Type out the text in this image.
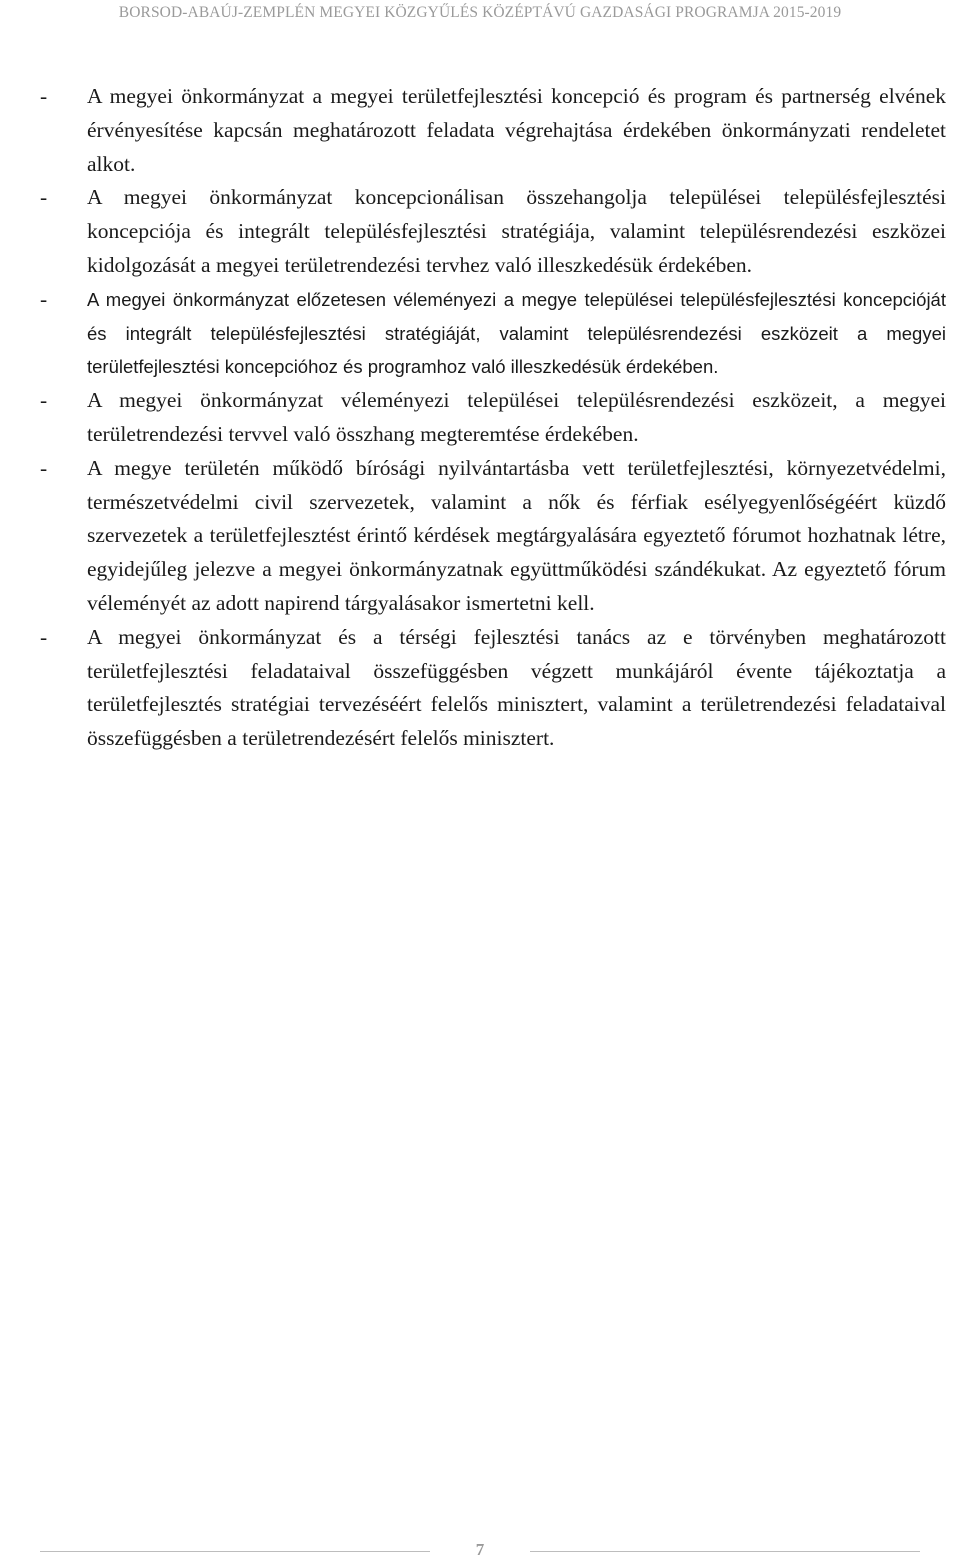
BORSOD-ABAÚJ-ZEMPLÉN MEGYEI KÖZGYŰLÉS KÖZÉPTÁVÚ GAZDASÁGI PROGRAMJA 2015-2019
- A megyei önkormányzat a megyei területfejlesztési koncepció és program és partnerség elvének érvényesítése kapcsán meghatározott feladata végrehajtása érdekében önkormányzati rendeletet alkot.
- A megyei önkormányzat koncepcionálisan összehangolja települései településfejlesztési koncepciója és integrált településfejlesztési stratégiája, valamint településrendezési eszközei kidolgozását a megyei területrendezési tervhez való illeszkedésük érdekében.
- A megyei önkormányzat előzetesen véleményezi a megye települései településfejlesztési koncepcióját és integrált településfejlesztési stratégiáját, valamint településrendezési eszközeit a megyei területfejlesztési koncepcióhoz és programhoz való illeszkedésük érdekében.
- A megyei önkormányzat véleményezi települései településrendezési eszközeit, a megyei területrendezési tervvel való összhang megteremtése érdekében.
- A megye területén működő bírósági nyilvántartásba vett területfejlesztési, környezetvédelmi, természetvédelmi civil szervezetek, valamint a nők és férfiak esélyegyenlőségéért küzdő szervezetek a területfejlesztést érintő kérdések megtárgyalására egyeztető fórumot hozhatnak létre, egyidejűleg jelezve a megyei önkormányzatnak együttműködési szándékukat. Az egyeztető fórum véleményét az adott napirend tárgyalásakor ismertetni kell.
- A megyei önkormányzat és a térségi fejlesztési tanács az e törvényben meghatározott területfejlesztési feladataival összefüggésben végzett munkájáról évente tájékoztatja a területfejlesztés stratégiai tervezéséért felelős minisztert, valamint a területrendezési feladataival összefüggésben a területrendezésért felelős minisztert.
7
